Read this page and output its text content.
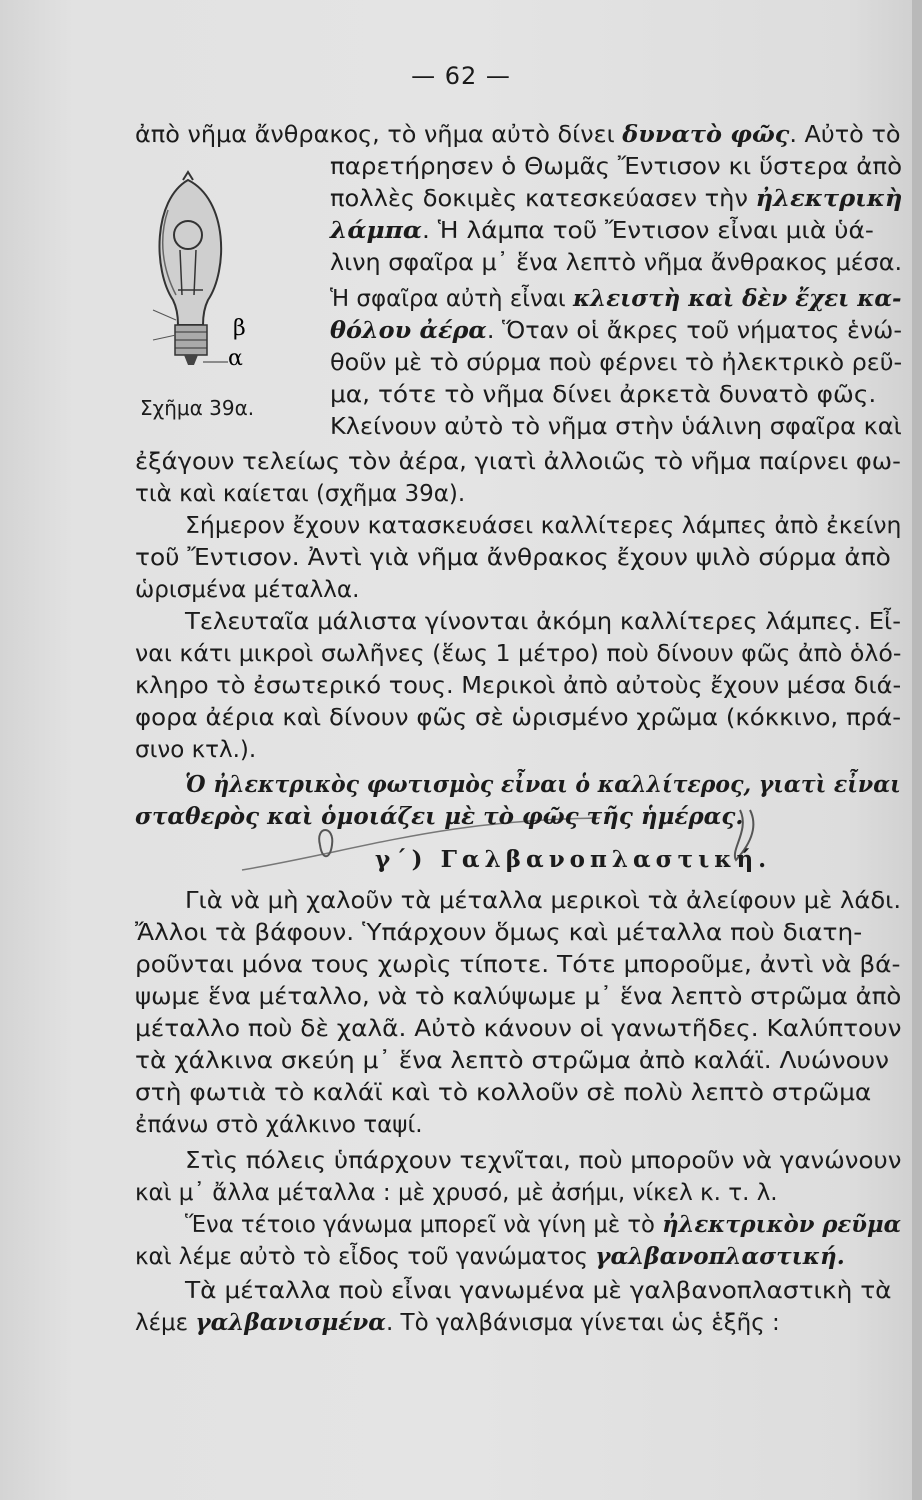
— 62 —
β
α
Σχῆμα 39α.
γ΄) Γαλβανοπλαστική.
ἀπὸ νῆμα ἄνθρακος, τὸ νῆμα αὐτὸ δίνει δυνατὸ φῶς. Αὐτὸ τὸ
παρετήρησεν ὁ Θωμᾶς Ἔντισον κι ὕστερα ἀπὸ
πολλὲς δοκιμὲς κατεσκεύασεν τὴν ἠλεκτρικὴ
λάμπα. Ἡ λάμπα τοῦ Ἔντισον εἶναι μιὰ ὑά-
λινη σφαῖρα μ᾿ ἕνα λεπτὸ νῆμα ἄνθρακος μέσα.
Ἡ σφαῖρα αὐτὴ εἶναι κλειστὴ καὶ δὲν ἔχει κα-
θόλου ἀέρα. Ὅταν οἱ ἄκρες τοῦ νήματος ἑνώ-
θοῦν μὲ τὸ σύρμα ποὺ φέρνει τὸ ἠλεκτρικὸ ρεῦ-
μα, τότε τὸ νῆμα δίνει ἀρκετὰ δυνατὸ φῶς.
Κλείνουν αὐτὸ τὸ νῆμα στὴν ὑάλινη σφαῖρα καὶ
ἐξάγουν τελείως τὸν ἀέρα, γιατὶ ἀλλοιῶς τὸ νῆμα παίρνει φω-
τιὰ καὶ καίεται (σχῆμα 39α).
Σήμερον ἔχουν κατασκευάσει καλλίτερες λάμπες ἀπὸ ἐκείνη
τοῦ Ἔντισον. Ἀντὶ γιὰ νῆμα ἄνθρακος ἔχουν ψιλὸ σύρμα ἀπὸ
ὡρισμένα μέταλλα.
Τελευταῖα μάλιστα γίνονται ἀκόμη καλλίτερες λάμπες. Εἶ-
ναι κάτι μικροὶ σωλῆνες (ἕως 1 μέτρο) ποὺ δίνουν φῶς ἀπὸ ὁλό-
κληρο τὸ ἐσωτερικό τους. Μερικοὶ ἀπὸ αὐτοὺς ἔχουν μέσα διά-
φορα ἀέρια καὶ δίνουν φῶς σὲ ὡρισμένο χρῶμα (κόκκινο, πρά-
σινο κτλ.).
Ὁ ἠλεκτρικὸς φωτισμὸς εἶναι ὁ καλλίτερος, γιατὶ εἶναι
σταθερὸς καὶ ὁμοιάζει μὲ τὸ φῶς τῆς ἡμέρας.
Γιὰ νὰ μὴ χαλοῦν τὰ μέταλλα μερικοὶ τὰ ἀλείφουν μὲ λάδι.
Ἄλλοι τὰ βάφουν. Ὑπάρχουν ὅμως καὶ μέταλλα ποὺ διατη-
ροῦνται μόνα τους χωρὶς τίποτε. Τότε μποροῦμε, ἀντὶ νὰ βά-
ψωμε ἕνα μέταλλο, νὰ τὸ καλύψωμε μ᾿ ἕνα λεπτὸ στρῶμα ἀπὸ
μέταλλο ποὺ δὲ χαλᾶ. Αὐτὸ κάνουν οἱ γανωτῆδες. Καλύπτουν
τὰ χάλκινα σκεύη μ᾿ ἕνα λεπτὸ στρῶμα ἀπὸ καλάϊ. Λυώνουν
στὴ φωτιὰ τὸ καλάϊ καὶ τὸ κολλοῦν σὲ πολὺ λεπτὸ στρῶμα
ἐπάνω στὸ χάλκινο ταψί.
Στὶς πόλεις ὑπάρχουν τεχνῖται, ποὺ μποροῦν νὰ γανώνουν
καὶ μ᾿ ἄλλα μέταλλα : μὲ χρυσό, μὲ ἀσήμι, νίκελ κ. τ. λ.
Ἕνα τέτοιο γάνωμα μπορεῖ νὰ γίνη μὲ τὸ ἠλεκτρικὸν ρεῦμα
καὶ λέμε αὐτὸ τὸ εἶδος τοῦ γανώματος γαλβανοπλαστική.
Τὰ μέταλλα ποὺ εἶναι γανωμένα μὲ γαλβανοπλαστικὴ τὰ
λέμε γαλβανισμένα. Τὸ γαλβάνισμα γίνεται ὡς ἑξῆς :
